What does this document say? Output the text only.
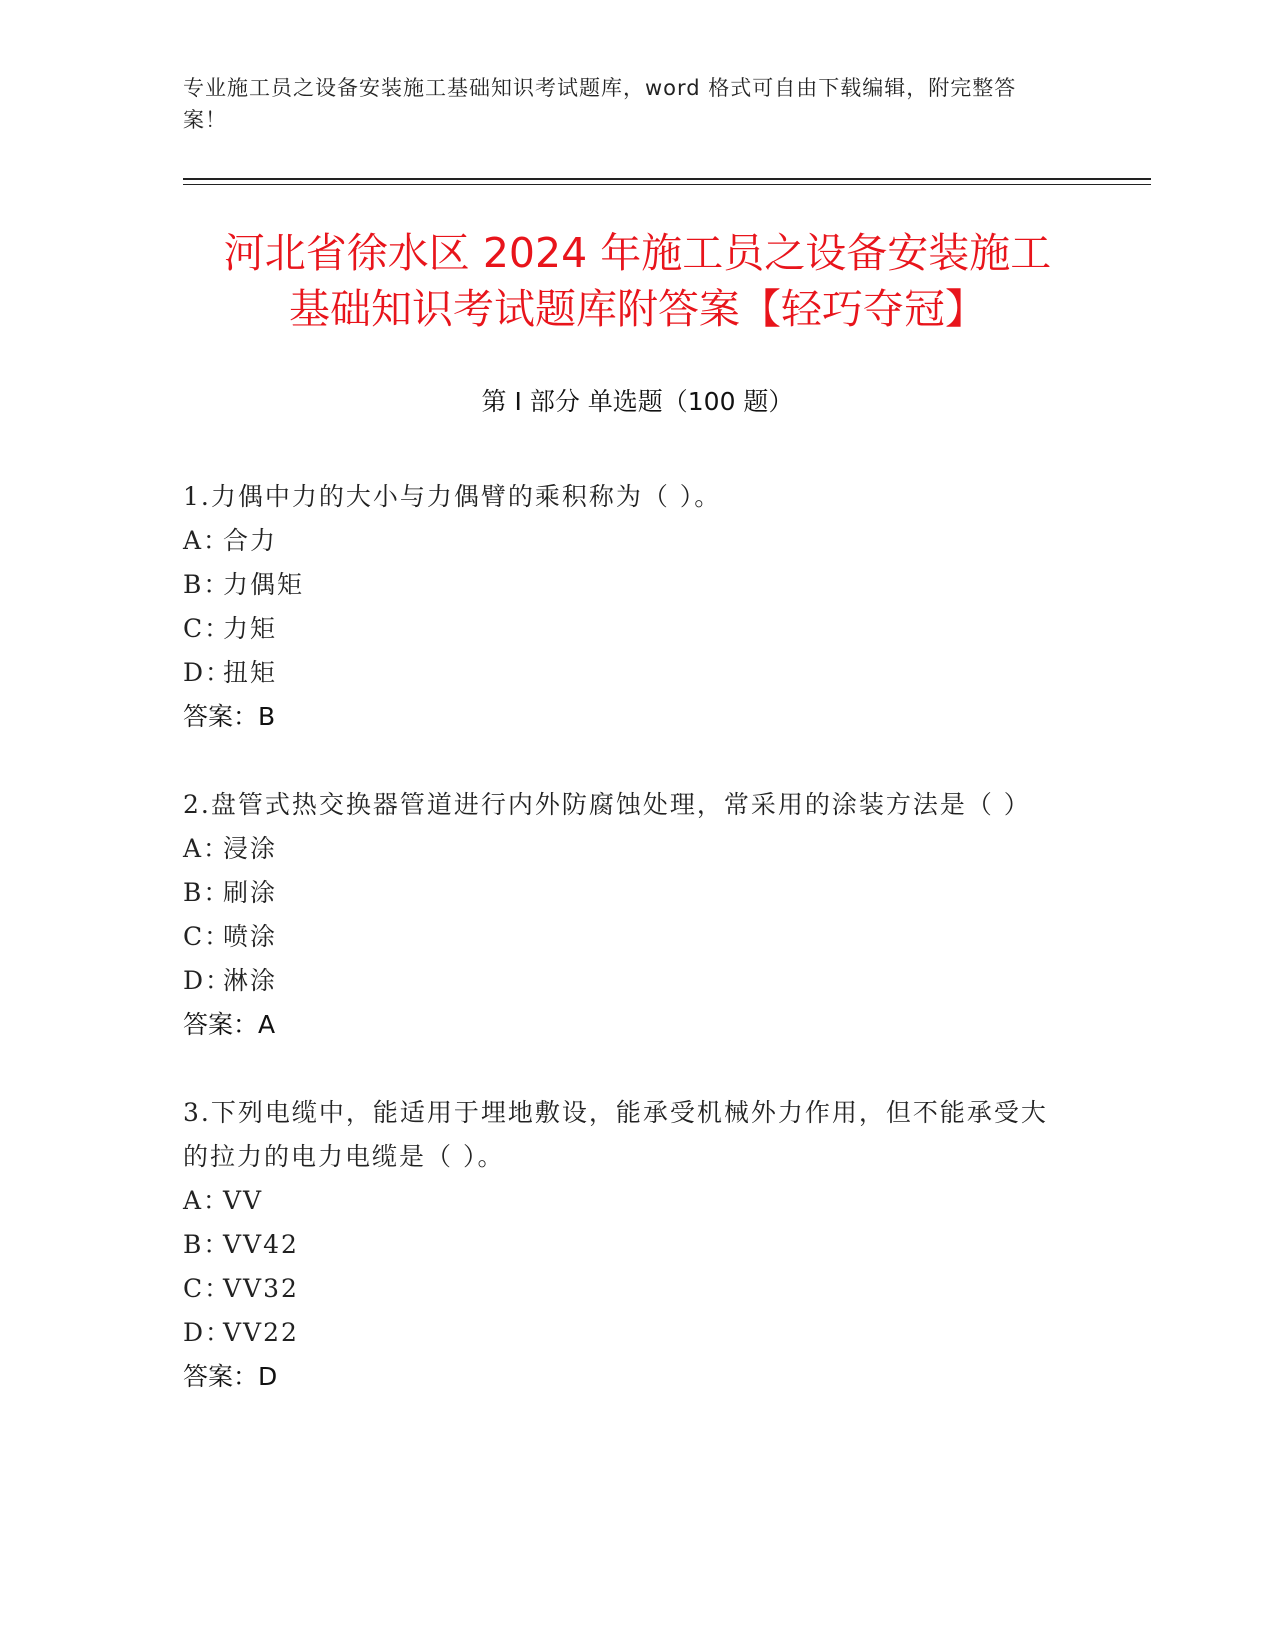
专业施工员之设备安装施工基础知识考试题库，word 格式可自由下载编辑，附完整答案！
河北省徐水区 2024 年施工员之设备安装施工
基础知识考试题库附答案【轻巧夺冠】
第 I 部分 单选题（100 题）

1.力偶中力的大小与力偶臂的乘积称为（ ）。

A：合力

B：力偶矩

C：力矩

D：扭矩

答案：B

2.盘管式热交换器管道进行内外防腐蚀处理，常采用的涂装方法是（ ）

A：浸涂

B：刷涂

C：喷涂

D：淋涂

答案：A

3.下列电缆中，能适用于埋地敷设，能承受机械外力作用，但不能承受大的拉力的电力电缆是（ ）。

A：VV

B：VV42

C：VV32

D：VV22

答案：D
